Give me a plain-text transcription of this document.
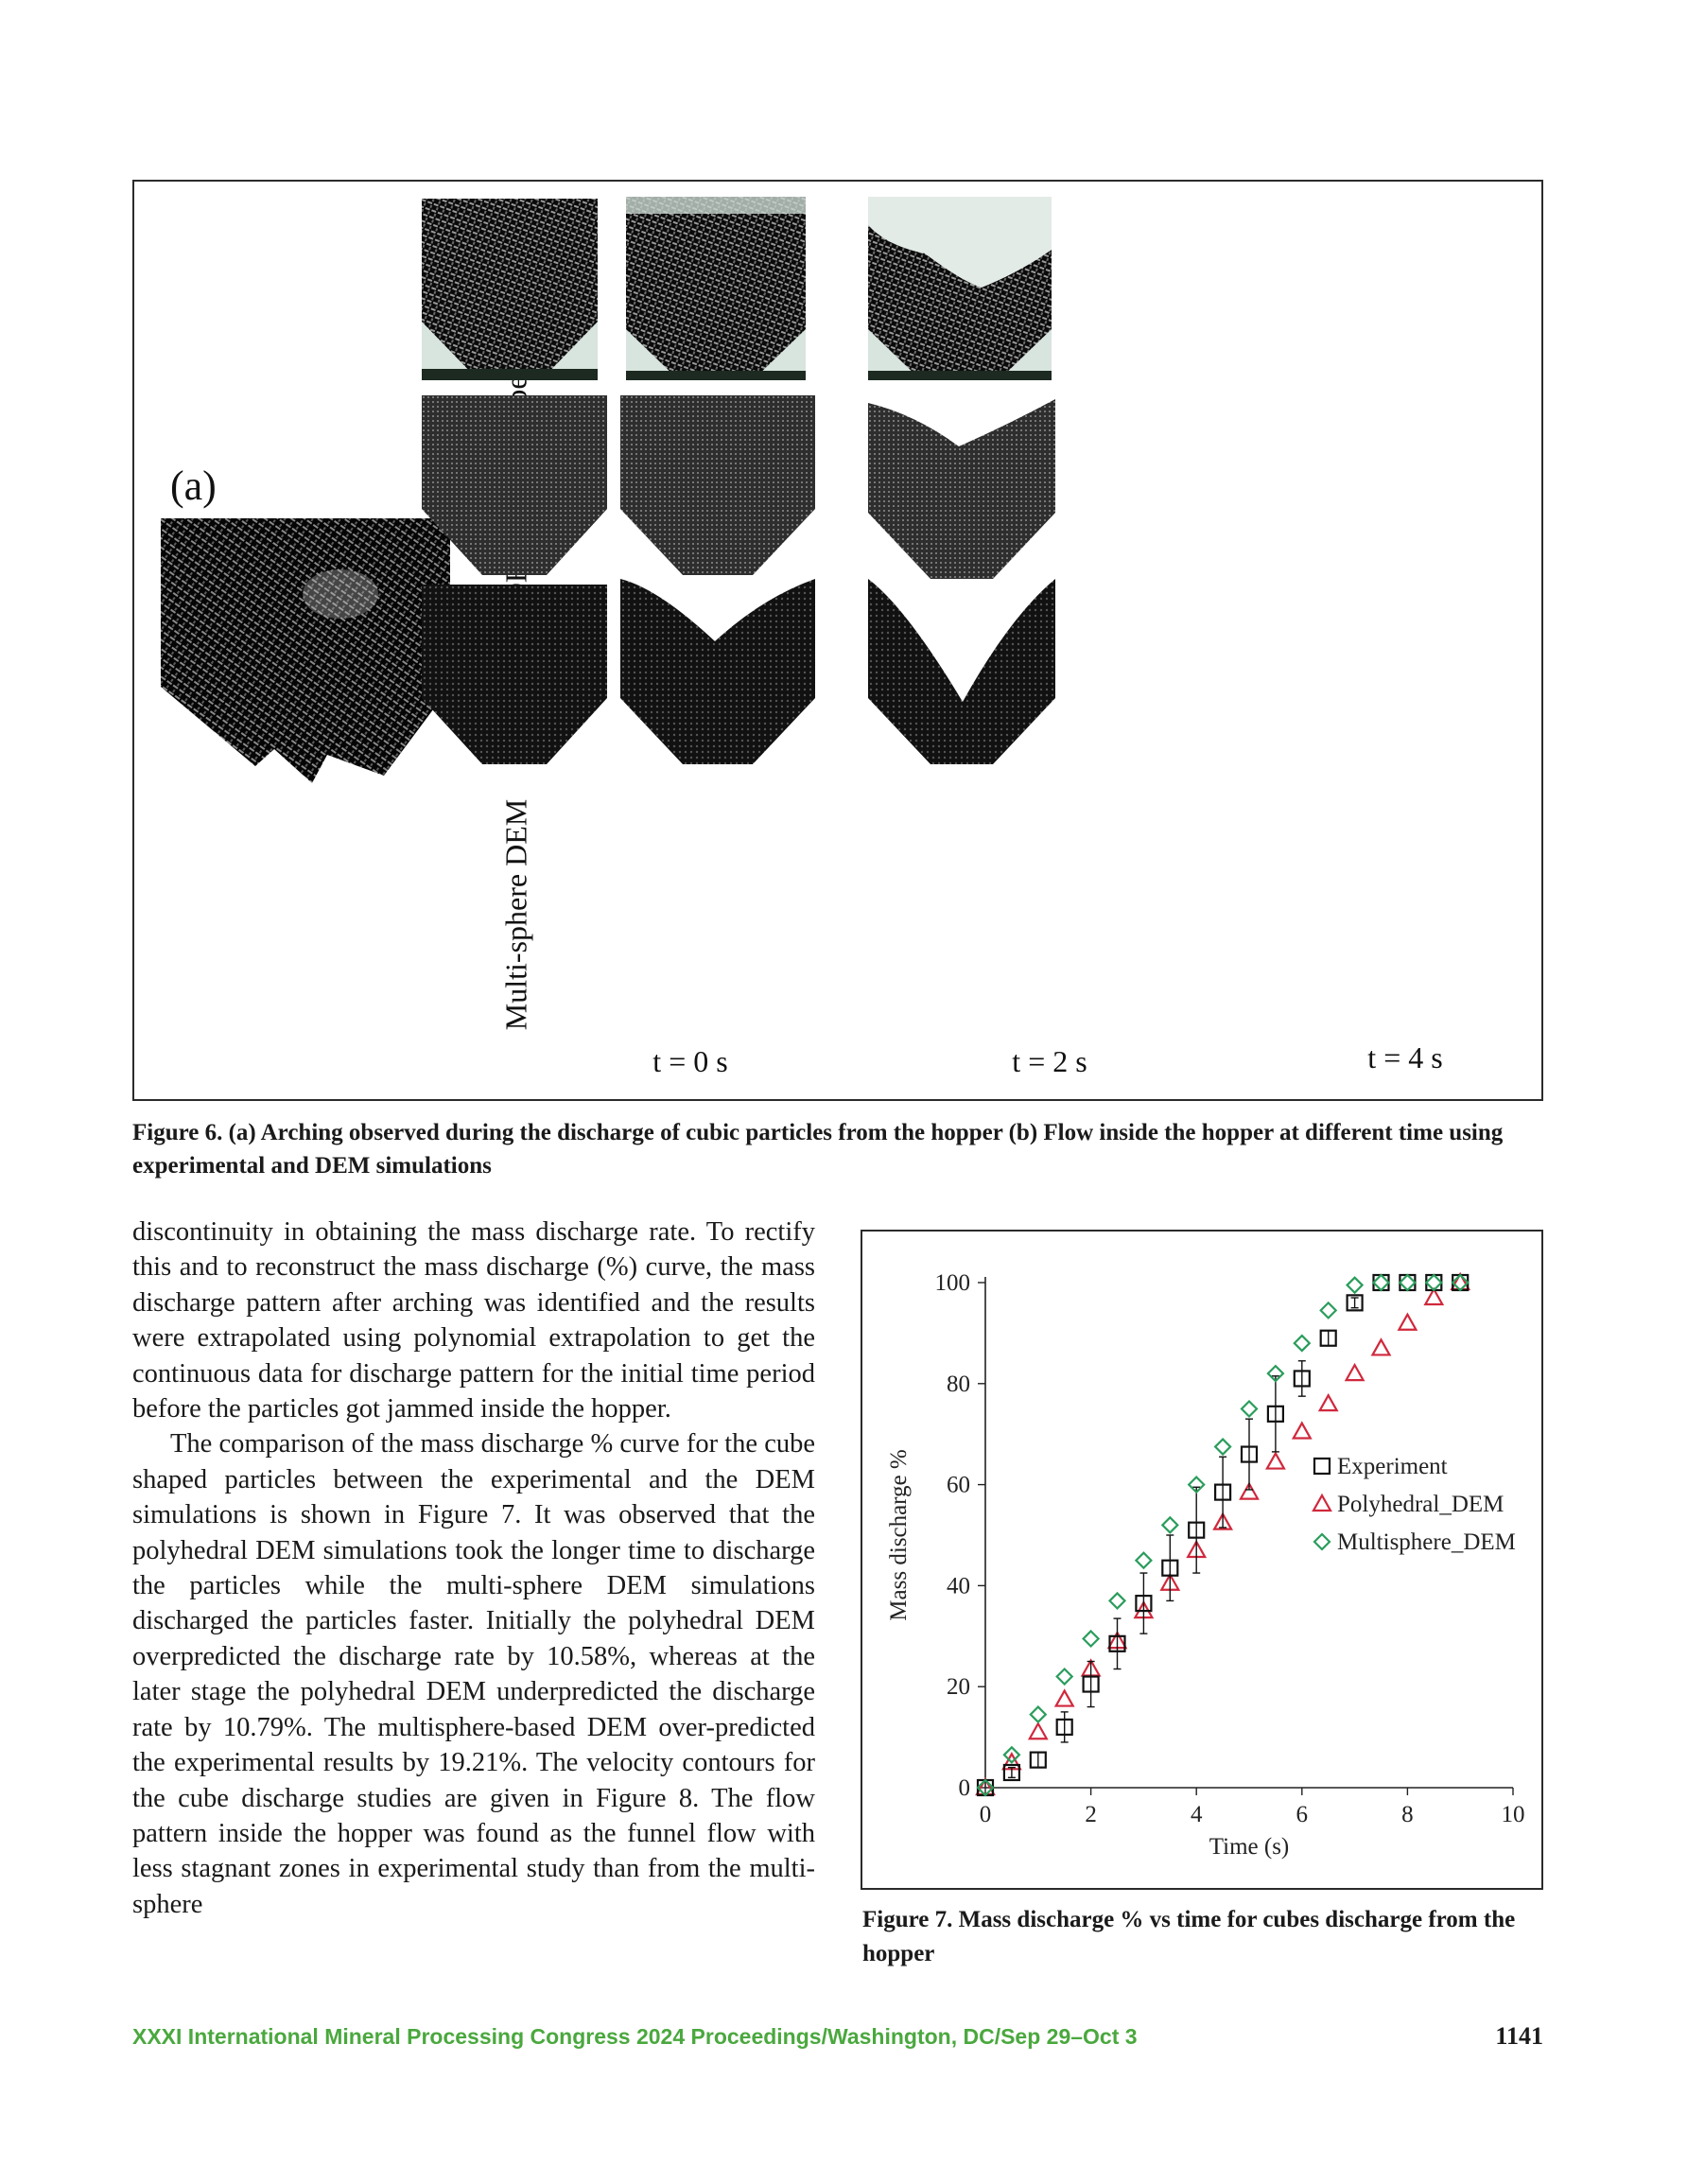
(a)
Multi-sphere DEM
t = 0 s	t = 2 s	t = 4 s
Figure 6. (a) Arching observed during the discharge of cubic particles from the hopper (b) Flow inside the hopper at different time using experimental and DEM simulations

discontinuity in obtaining the mass discharge rate. To rectify this and to reconstruct the mass discharge (%) curve, the mass discharge pattern after arching was identified and the results were extrapolated using polynomial extrapolation to get the continuous data for discharge pattern for the initial time period before the particles got jammed inside the hopper.

The comparison of the mass discharge % curve for the cube shaped particles between the experimental and the DEM simulations is shown in Figure 7. It was observed that the polyhedral DEM simulations took the longer time to discharge the particles while the multi-sphere DEM simulations discharged the particles faster. Initially the polyhedral DEM overpredicted the discharge rate by 10.58%, whereas at the later stage the polyhedral DEM underpredicted the discharge rate by 10.79%. The multisphere-based DEM over-predicted the experimental results by 19.21%. The velocity contours for the cube discharge studies are given in Figure 8. The flow pattern inside the hopper was found as the funnel flow with less stagnant zones in experimental study than from the multi-sphere

0	2	4	6	8	10
0
20
40
60
80
100
Time (s)
Mass discharge %	Experiment
Polyhedral_DEM
Multisphere_DEM
Figure 7. Mass discharge % vs time for cubes discharge from the hopper
XXXI International Mineral Processing Congress 2024 Proceedings/Washington, DC/Sep 29–Oct 3	1141
